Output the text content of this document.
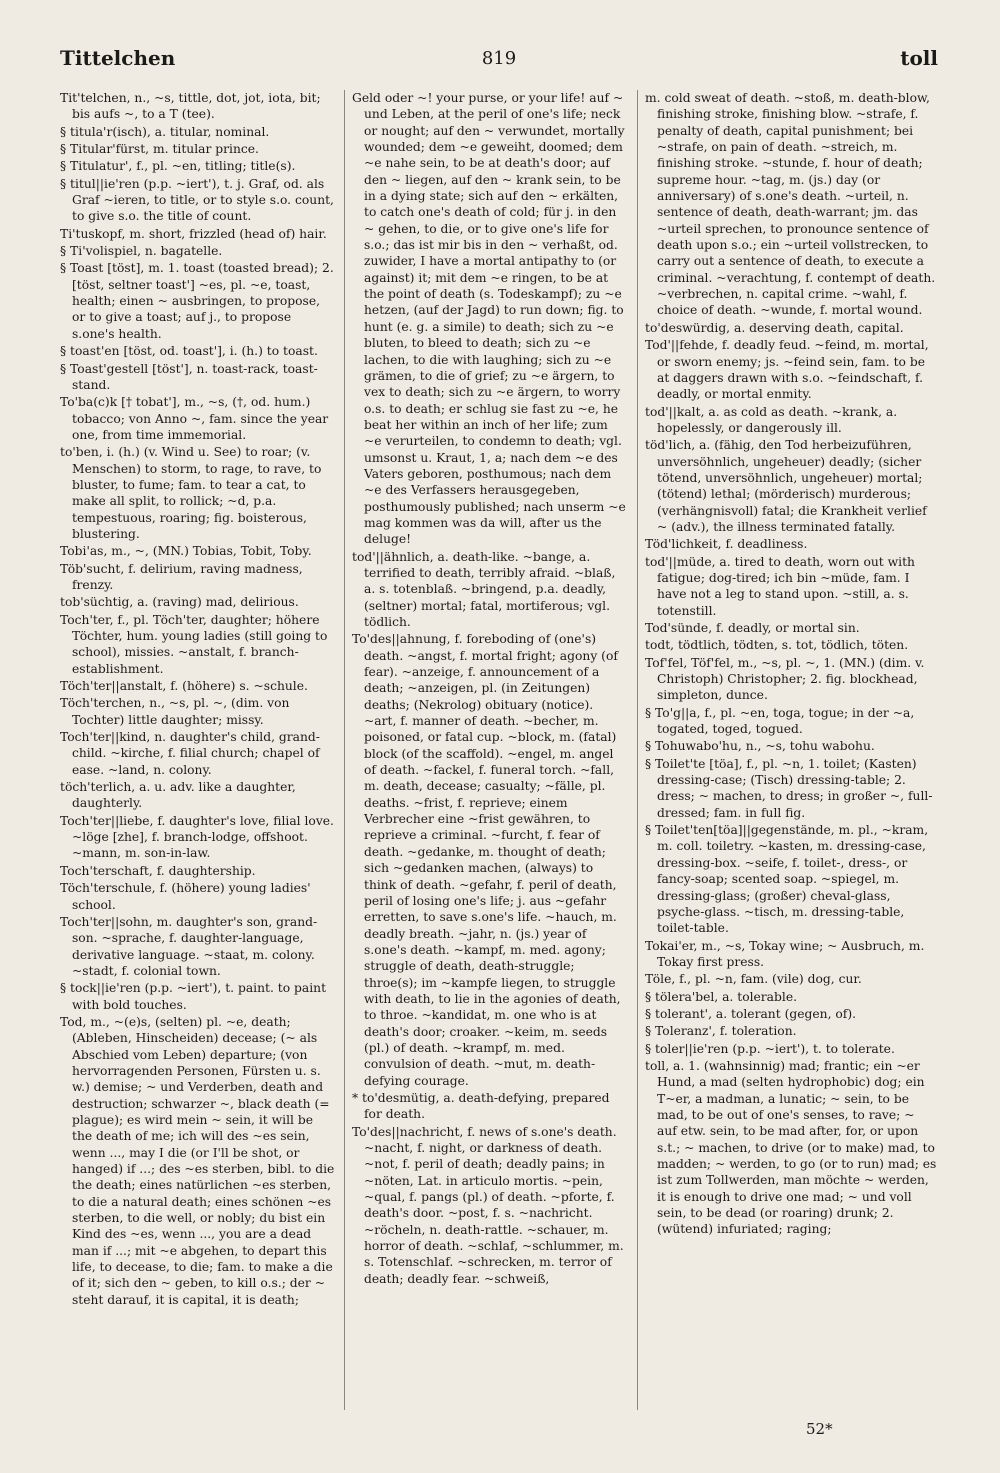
Tittelchen	819	toll

Tit'telchen, n., ~s, tittle, dot, jot, iota, bit; bis aufs ~, to a T (tee).

§ titula'r(isch), a. titular, nominal.

§ Titular'fürst, m. titular prince.

§ Titulatur', f., pl. ~en, titling; title(s).

§ titul||ie'ren (p.p. ~iert'), t. j. Graf, od. als Graf ~ieren, to title, or to style s.o. count, to give s.o. the title of count.

Ti'tuskopf, m. short, frizzled (head of) hair.

§ Ti'volispiel, n. bagatelle.

§ Toast [töst], m. 1. toast (toasted bread); 2. [töst, seltner toast'] ~es, pl. ~e, toast, health; einen ~ ausbringen, to propose, or to give a toast; auf j., to propose s.one's health.

§ toast'en [töst, od. toast'], i. (h.) to toast.

§ Toast'gestell [töst'], n. toast-rack, toast-stand.

To'ba(c)k [† tobat'], m., ~s, (†, od. hum.) tobacco; von Anno ~, fam. since the year one, from time immemorial.

to'ben, i. (h.) (v. Wind u. See) to roar; (v. Menschen) to storm, to rage, to rave, to bluster, to fume; fam. to tear a cat, to make all split, to rollick; ~d, p.a. tempestuous, roaring; fig. boisterous, blustering.

Tobi'as, m., ~, (MN.) Tobias, Tobit, Toby.

Töb'sucht, f. delirium, raving madness, frenzy.

tob'süchtig, a. (raving) mad, delirious.

Toch'ter, f., pl. Töch'ter, daughter; höhere Töchter, hum. young ladies (still going to school), missies. ~anstalt, f. branch-establishment.

Töch'ter||anstalt, f. (höhere) s. ~schule.

Töch'terchen, n., ~s, pl. ~, (dim. von Tochter) little daughter; missy.

Toch'ter||kind, n. daughter's child, grand-child. ~kirche, f. filial church; chapel of ease. ~land, n. colony.

töch'terlich, a. u. adv. like a daughter, daughterly.

Toch'ter||liebe, f. daughter's love, filial love. ~löge [zhe], f. branch-lodge, offshoot. ~mann, m. son-in-law.

Toch'terschaft, f. daughtership.

Töch'terschule, f. (höhere) young ladies' school.

Toch'ter||sohn, m. daughter's son, grand-son. ~sprache, f. daughter-language, derivative language. ~staat, m. colony. ~stadt, f. colonial town.

§ tock||ie'ren (p.p. ~iert'), t. paint. to paint with bold touches.

Tod, m., ~(e)s, (selten) pl. ~e, death; (Ableben, Hinscheiden) decease; (~ als Abschied vom Leben) departure; (von hervorragenden Personen, Fürsten u. s. w.) demise; ~ und Verderben, death and destruction; schwarzer ~, black death (= plague); es wird mein ~ sein, it will be the death of me; ich will des ~es sein, wenn ..., may I die (or I'll be shot, or hanged) if ...; des ~es sterben, bibl. to die the death; eines natürlichen ~es sterben, to die a natural death; eines schönen ~es sterben, to die well, or nobly; du bist ein Kind des ~es, wenn ..., you are a dead man if ...; mit ~e abgehen, to depart this life, to decease, to die; fam. to make a die of it; sich den ~ geben, to kill o.s.; der ~ steht darauf, it is capital, it is death;

Geld oder ~! your purse, or your life! auf ~ und Leben, at the peril of one's life; neck or nought; auf den ~ verwundet, mortally wounded; dem ~e geweiht, doomed; dem ~e nahe sein, to be at death's door; auf den ~ liegen, auf den ~ krank sein, to be in a dying state; sich auf den ~ erkälten, to catch one's death of cold; für j. in den ~ gehen, to die, or to give one's life for s.o.; das ist mir bis in den ~ verhaßt, od. zuwider, I have a mortal antipathy to (or against) it; mit dem ~e ringen, to be at the point of death (s. Todeskampf); zu ~e hetzen, (auf der Jagd) to run down; fig. to hunt (e. g. a simile) to death; sich zu ~e bluten, to bleed to death; sich zu ~e lachen, to die with laughing; sich zu ~e grämen, to die of grief; zu ~e ärgern, to vex to death; sich zu ~e ärgern, to worry o.s. to death; er schlug sie fast zu ~e, he beat her within an inch of her life; zum ~e verurteilen, to condemn to death; vgl. umsonst u. Kraut, 1, a; nach dem ~e des Vaters geboren, posthumous; nach dem ~e des Verfassers herausgegeben, posthumously published; nach unserm ~e mag kommen was da will, after us the deluge!

tod'||ähnlich, a. death-like. ~bange, a. terrified to death, terribly afraid. ~blaß, a. s. totenblaß. ~bringend, p.a. deadly, (seltner) mortal; fatal, mortiferous; vgl. tödlich.

To'des||ahnung, f. foreboding of (one's) death. ~angst, f. mortal fright; agony (of fear). ~anzeige, f. announcement of a death; ~anzeigen, pl. (in Zeitungen) deaths; (Nekrolog) obituary (notice). ~art, f. manner of death. ~becher, m. poisoned, or fatal cup. ~block, m. (fatal) block (of the scaffold). ~engel, m. angel of death. ~fackel, f. funeral torch. ~fall, m. death, decease; casualty; ~fälle, pl. deaths. ~frist, f. reprieve; einem Verbrecher eine ~frist gewähren, to reprieve a criminal. ~furcht, f. fear of death. ~gedanke, m. thought of death; sich ~gedanken machen, (always) to think of death. ~gefahr, f. peril of death, peril of losing one's life; j. aus ~gefahr erretten, to save s.one's life. ~hauch, m. deadly breath. ~jahr, n. (js.) year of s.one's death. ~kampf, m. med. agony; struggle of death, death-struggle; throe(s); im ~kampfe liegen, to struggle with death, to lie in the agonies of death, to throe. ~kandidat, m. one who is at death's door; croaker. ~keim, m. seeds (pl.) of death. ~krampf, m. med. convulsion of death. ~mut, m. death-defying courage.

* to'desmütig, a. death-defying, prepared for death.

To'des||nachricht, f. news of s.one's death. ~nacht, f. night, or darkness of death. ~not, f. peril of death; deadly pains; in ~nöten, Lat. in articulo mortis. ~pein, ~qual, f. pangs (pl.) of death. ~pforte, f. death's door. ~post, f. s. ~nachricht. ~röcheln, n. death-rattle. ~schauer, m. horror of death. ~schlaf, ~schlummer, m. s. Totenschlaf. ~schrecken, m. terror of death; deadly fear. ~schweiß,

m. cold sweat of death. ~stoß, m. death-blow, finishing stroke, finishing blow. ~strafe, f. penalty of death, capital punishment; bei ~strafe, on pain of death. ~streich, m. finishing stroke. ~stunde, f. hour of death; supreme hour. ~tag, m. (js.) day (or anniversary) of s.one's death. ~urteil, n. sentence of death, death-warrant; jm. das ~urteil sprechen, to pronounce sentence of death upon s.o.; ein ~urteil vollstrecken, to carry out a sentence of death, to execute a criminal. ~verachtung, f. contempt of death. ~verbrechen, n. capital crime. ~wahl, f. choice of death. ~wunde, f. mortal wound.

to'deswürdig, a. deserving death, capital.

Tod'||fehde, f. deadly feud. ~feind, m. mortal, or sworn enemy; js. ~feind sein, fam. to be at daggers drawn with s.o. ~feindschaft, f. deadly, or mortal enmity.

tod'||kalt, a. as cold as death. ~krank, a. hopelessly, or dangerously ill.

töd'lich, a. (fähig, den Tod herbeizuführen, unversöhnlich, ungeheuer) deadly; (sicher tötend, unversöhnlich, ungeheuer) mortal; (tötend) lethal; (mörderisch) murderous; (verhängnisvoll) fatal; die Krankheit verlief ~ (adv.), the illness terminated fatally.

Töd'lichkeit, f. deadliness.

tod'||müde, a. tired to death, worn out with fatigue; dog-tired; ich bin ~müde, fam. I have not a leg to stand upon. ~still, a. s. totenstill.

Tod'sünde, f. deadly, or mortal sin.

todt, tödtlich, tödten, s. tot, tödlich, töten.

Tof'fel, Töf'fel, m., ~s, pl. ~, 1. (MN.) (dim. v. Christoph) Christopher; 2. fig. blockhead, simpleton, dunce.

§ To'g||a, f., pl. ~en, toga, togue; in der ~a, togated, toged, togued.

§ Tohuwabo'hu, n., ~s, tohu wabohu.

§ Toilet'te [töa], f., pl. ~n, 1. toilet; (Kasten) dressing-case; (Tisch) dressing-table; 2. dress; ~ machen, to dress; in großer ~, full-dressed; fam. in full fig.

§ Toilet'ten[töa]||gegenstände, m. pl., ~kram, m. coll. toiletry. ~kasten, m. dressing-case, dressing-box. ~seife, f. toilet-, dress-, or fancy-soap; scented soap. ~spiegel, m. dressing-glass; (großer) cheval-glass, psyche-glass. ~tisch, m. dressing-table, toilet-table.

Tokai'er, m., ~s, Tokay wine; ~ Ausbruch, m. Tokay first press.

Töle, f., pl. ~n, fam. (vile) dog, cur.

§ tölera'bel, a. tolerable.

§ tolerant', a. tolerant (gegen, of).

§ Toleranz', f. toleration.

§ toler||ie'ren (p.p. ~iert'), t. to tolerate.

toll, a. 1. (wahnsinnig) mad; frantic; ein ~er Hund, a mad (selten hydrophobic) dog; ein T~er, a madman, a lunatic; ~ sein, to be mad, to be out of one's senses, to rave; ~ auf etw. sein, to be mad after, for, or upon s.t.; ~ machen, to drive (or to make) mad, to madden; ~ werden, to go (or to run) mad; es ist zum Tollwerden, man möchte ~ werden, it is enough to drive one mad; ~ und voll sein, to be dead (or roaring) drunk; 2. (wütend) infuriated; raging;

52*
